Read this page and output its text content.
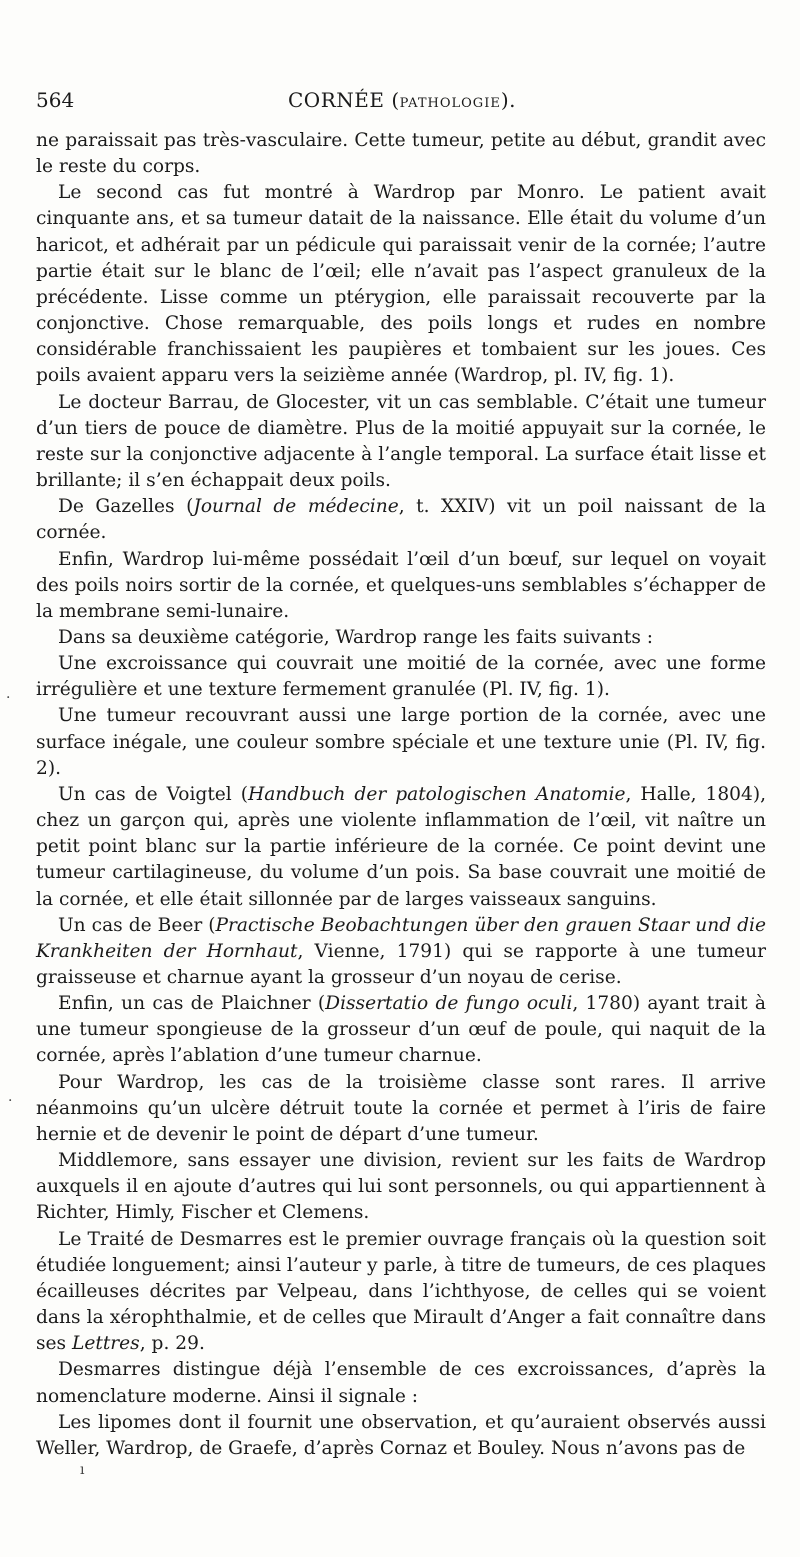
564	CORNÉE (PATHOLOGIE).

ne paraissait pas très-vasculaire. Cette tumeur, petite au début, grandit avec le reste du corps.

Le second cas fut montré à Wardrop par Monro. Le patient avait cinquante ans, et sa tumeur datait de la naissance. Elle était du volume d’un haricot, et adhérait par un pédicule qui paraissait venir de la cornée; l’autre partie était sur le blanc de l’œil; elle n’avait pas l’aspect granuleux de la précédente. Lisse comme un ptérygion, elle paraissait recouverte par la conjonctive. Chose remarquable, des poils longs et rudes en nombre considérable franchissaient les paupières et tombaient sur les joues. Ces poils avaient apparu vers la seizième année (Wardrop, pl. IV, fig. 1).

Le docteur Barrau, de Glocester, vit un cas semblable. C’était une tumeur d’un tiers de pouce de diamètre. Plus de la moitié appuyait sur la cornée, le reste sur la conjonctive adjacente à l’angle temporal. La surface était lisse et brillante; il s’en échappait deux poils.

De Gazelles (Journal de médecine, t. XXIV) vit un poil naissant de la cornée.

Enfin, Wardrop lui-même possédait l’œil d’un bœuf, sur lequel on voyait des poils noirs sortir de la cornée, et quelques-uns semblables s’échapper de la membrane semi-lunaire.

Dans sa deuxième catégorie, Wardrop range les faits suivants :

Une excroissance qui couvrait une moitié de la cornée, avec une forme irrégulière et une texture fermement granulée (Pl. IV, fig. 1).

Une tumeur recouvrant aussi une large portion de la cornée, avec une surface inégale, une couleur sombre spéciale et une texture unie (Pl. IV, fig. 2).

Un cas de Voigtel (Handbuch der patologischen Anatomie, Halle, 1804), chez un garçon qui, après une violente inflammation de l’œil, vit naître un petit point blanc sur la partie inférieure de la cornée. Ce point devint une tumeur cartilagineuse, du volume d’un pois. Sa base couvrait une moitié de la cornée, et elle était sillonnée par de larges vaisseaux sanguins.

Un cas de Beer (Practische Beobachtungen über den grauen Staar und die Krankheiten der Hornhaut, Vienne, 1791) qui se rapporte à une tumeur graisseuse et charnue ayant la grosseur d’un noyau de cerise.

Enfin, un cas de Plaichner (Dissertatio de fungo oculi, 1780) ayant trait à une tumeur spongieuse de la grosseur d’un œuf de poule, qui naquit de la cornée, après l’ablation d’une tumeur charnue.

Pour Wardrop, les cas de la troisième classe sont rares. Il arrive néanmoins qu’un ulcère détruit toute la cornée et permet à l’iris de faire hernie et de devenir le point de départ d’une tumeur.

Middlemore, sans essayer une division, revient sur les faits de Wardrop auxquels il en ajoute d’autres qui lui sont personnels, ou qui appartiennent à Richter, Himly, Fischer et Clemens.

Le Traité de Desmarres est le premier ouvrage français où la question soit étudiée longuement; ainsi l’auteur y parle, à titre de tumeurs, de ces plaques écailleuses décrites par Velpeau, dans l’ichthyose, de celles qui se voient dans la xérophthalmie, et de celles que Mirault d’Anger a fait connaître dans ses Lettres, p. 29.

Desmarres distingue déjà l’ensemble de ces excroissances, d’après la nomenclature moderne. Ainsi il signale :

Les lipomes dont il fournit une observation, et qu’auraient observés aussi Weller, Wardrop, de Graefe, d’après Cornaz et Bouley. Nous n’avons pas de

·
·
ı
